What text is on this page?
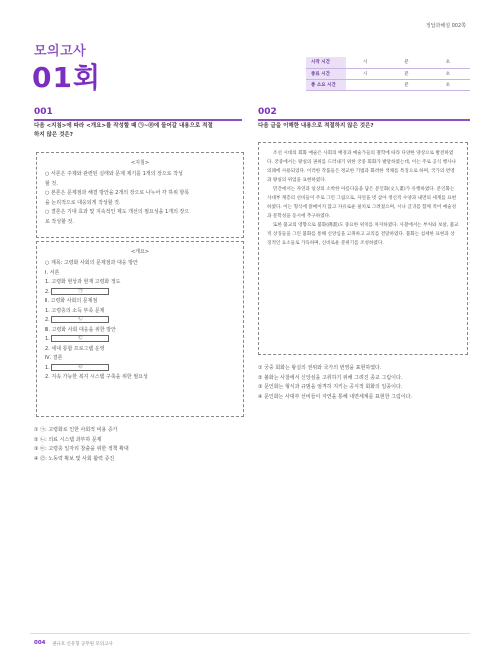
정답과해설 002쪽
모의고사
01회	시작 시간	시	분	초
종료 시간	시	분	초
총 소요 시간		분	초
001
다음 <지침>에 따라 <개요>를 작성할 때 ㉠~㉣에 들어갈 내용으로 적절
하지 않은 것은?
<지침>
○ 서론은 주제와 관련된 실태와 문제 제기를 1개의 장으로 작성
할 것.
○ 본론은 문제점과 해결 방안을 2개의 장으로 나누어 각 하위 항목
을 논리적으로 대응되게 작성할 것.
○ 결론은 기대 효과 및 지속적인 제도 개선의 필요성을 1개의 장으
로 작성할 것.
<개요>
○ 제목: 고령화 사회의 문제점과 대응 방안
Ⅰ. 서론
1. 고령화 현상과 현재 고령화 정도
2.	㉠
Ⅱ. 고령화 사회의 문제점
1. 고령층의 소득 부족 문제
2.	㉡
Ⅲ. 고령화 사회 대응을 위한 방안
1.	㉢
2. 세대 통합 프로그램 운영
Ⅳ. 결론
1.	㉣
2. 지속 가능한 복지 시스템 구축을 위한 필요성
① ㉠: 고령화로 인한 사회적 비용 증가
② ㉡: 의료 시스템 과부하 문제
③ ㉢: 고령층 일자리 창출을 위한 정책 확대
④ ㉣: 노동력 확보 및 사회 활력 증진
002
다음 글을 이해한 내용으로 적절하지 않은 것은?

조선 시대의 회화 예술은 사회의 배경과 예술가들의 철학에 따라 다양한 양상으로 발전하였다. 궁중에서는 왕실의 권위를 드러내기 위한 궁중 회화가 발달하였는데, 이는 주로 공식 행사나 의례에 사용되었다. 이러한 작품들은 정교한 기법과 화려한 색채를 특징으로 하며, 국가의 번영과 왕실의 위엄을 표현하였다.

민간에서는 자연과 일상의 소박한 아름다움을 담은 문인화(文人畫)가 유행하였다. 문인화는 사대부 계층의 선비들이 주로 그린 그림으로, 자연을 벗 삼아 정신적 수양과 내면의 세계를 표현하였다. 이는 형식에 얽매이지 않고 자유로운 필치로 그려졌으며, 시나 글귀를 함께 적어 예술성과 문학성을 동시에 추구하였다.

또한 불교의 영향으로 불화(佛畫)도 중요한 위치를 차지하였다. 사찰에서는 부처와 보살, 불교적 상징들을 그린 불화를 통해 신앙심을 고취하고 교리를 전달하였다. 불화는 섬세한 표현과 상징적인 요소들로 가득하며, 신비로운 분위기를 조성하였다.

① 궁중 회화는 왕실의 권위와 국가의 번영을 표현하였다.
② 불화는 사찰에서 신앙심을 고취하기 위해 그려진 종교 그림이다.
③ 문인화는 형식과 규범을 엄격히 지키는 공식적 회화의 일종이다.
④ 문인화는 사대부 선비들이 자연을 통해 내면세계를 표현한 그림이다.
004 권규호 신유형 공무원 모의고사
